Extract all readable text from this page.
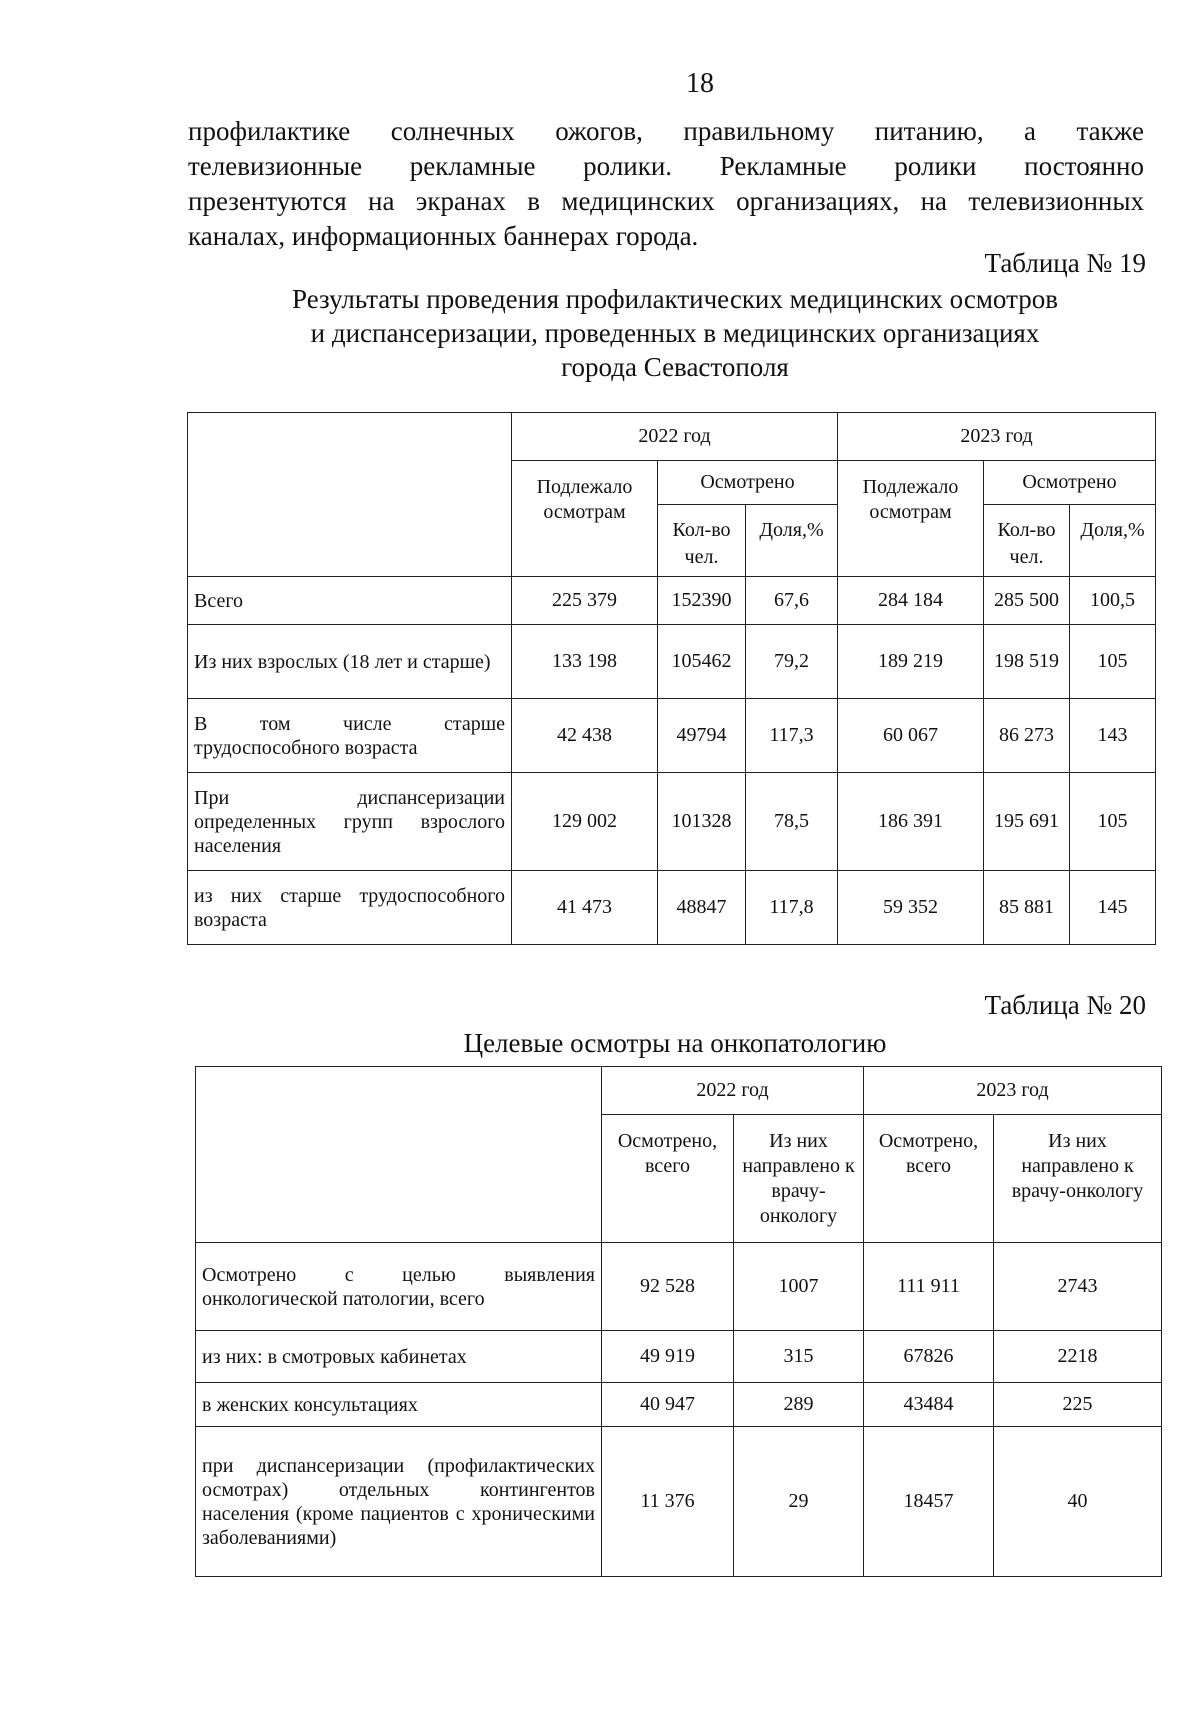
18
профилактике солнечных ожогов, правильному питанию, а также
телевизионные рекламные ролики. Рекламные ролики постоянно
презентуются на экранах в медицинских организациях, на телевизионных
каналах, информационных баннерах города.
Таблица № 19
Результаты проведения профилактических медицинских осмотров
и диспансеризации, проведенных в медицинских организациях
города Севастополя
	2022 год			2023 год		
	Подлежало осмотрам	Осмотрено		Подлежало осмотрам	Осмотрено	
		Кол-во чел.	Доля,%		Кол-во чел.	Доля,%
Всего	225 379	152390	67,6	284 184	285 500	100,5
Из них взрослых (18 лет и старше)	133 198	105462	79,2	189 219	198 519	105
В том числе старше трудоспособного возраста	42 438	49794	117,3	60 067	86 273	143
При диспансеризации определенных групп взрослого населения	129 002	101328	78,5	186 391	195 691	105
из них старше трудоспособного возраста	41 473	48847	117,8	59 352	85 881	145
Таблица № 20
Целевые осмотры на онкопатологию
	2022 год		2023 год	
	Осмотрено, всего	Из них направлено к врачу-онкологу	Осмотрено, всего	Из них направлено к врачу-онкологу
Осмотрено с целью выявления онкологической патологии, всего	92 528	1007	111 911	2743
из них: в смотровых кабинетах	49 919	315	67826	2218
в женских консультациях	40 947	289	43484	225
при диспансеризации (профилактических осмотрах) отдельных контингентов населения (кроме пациентов с хроническими заболеваниями)	11 376	29	18457	40
